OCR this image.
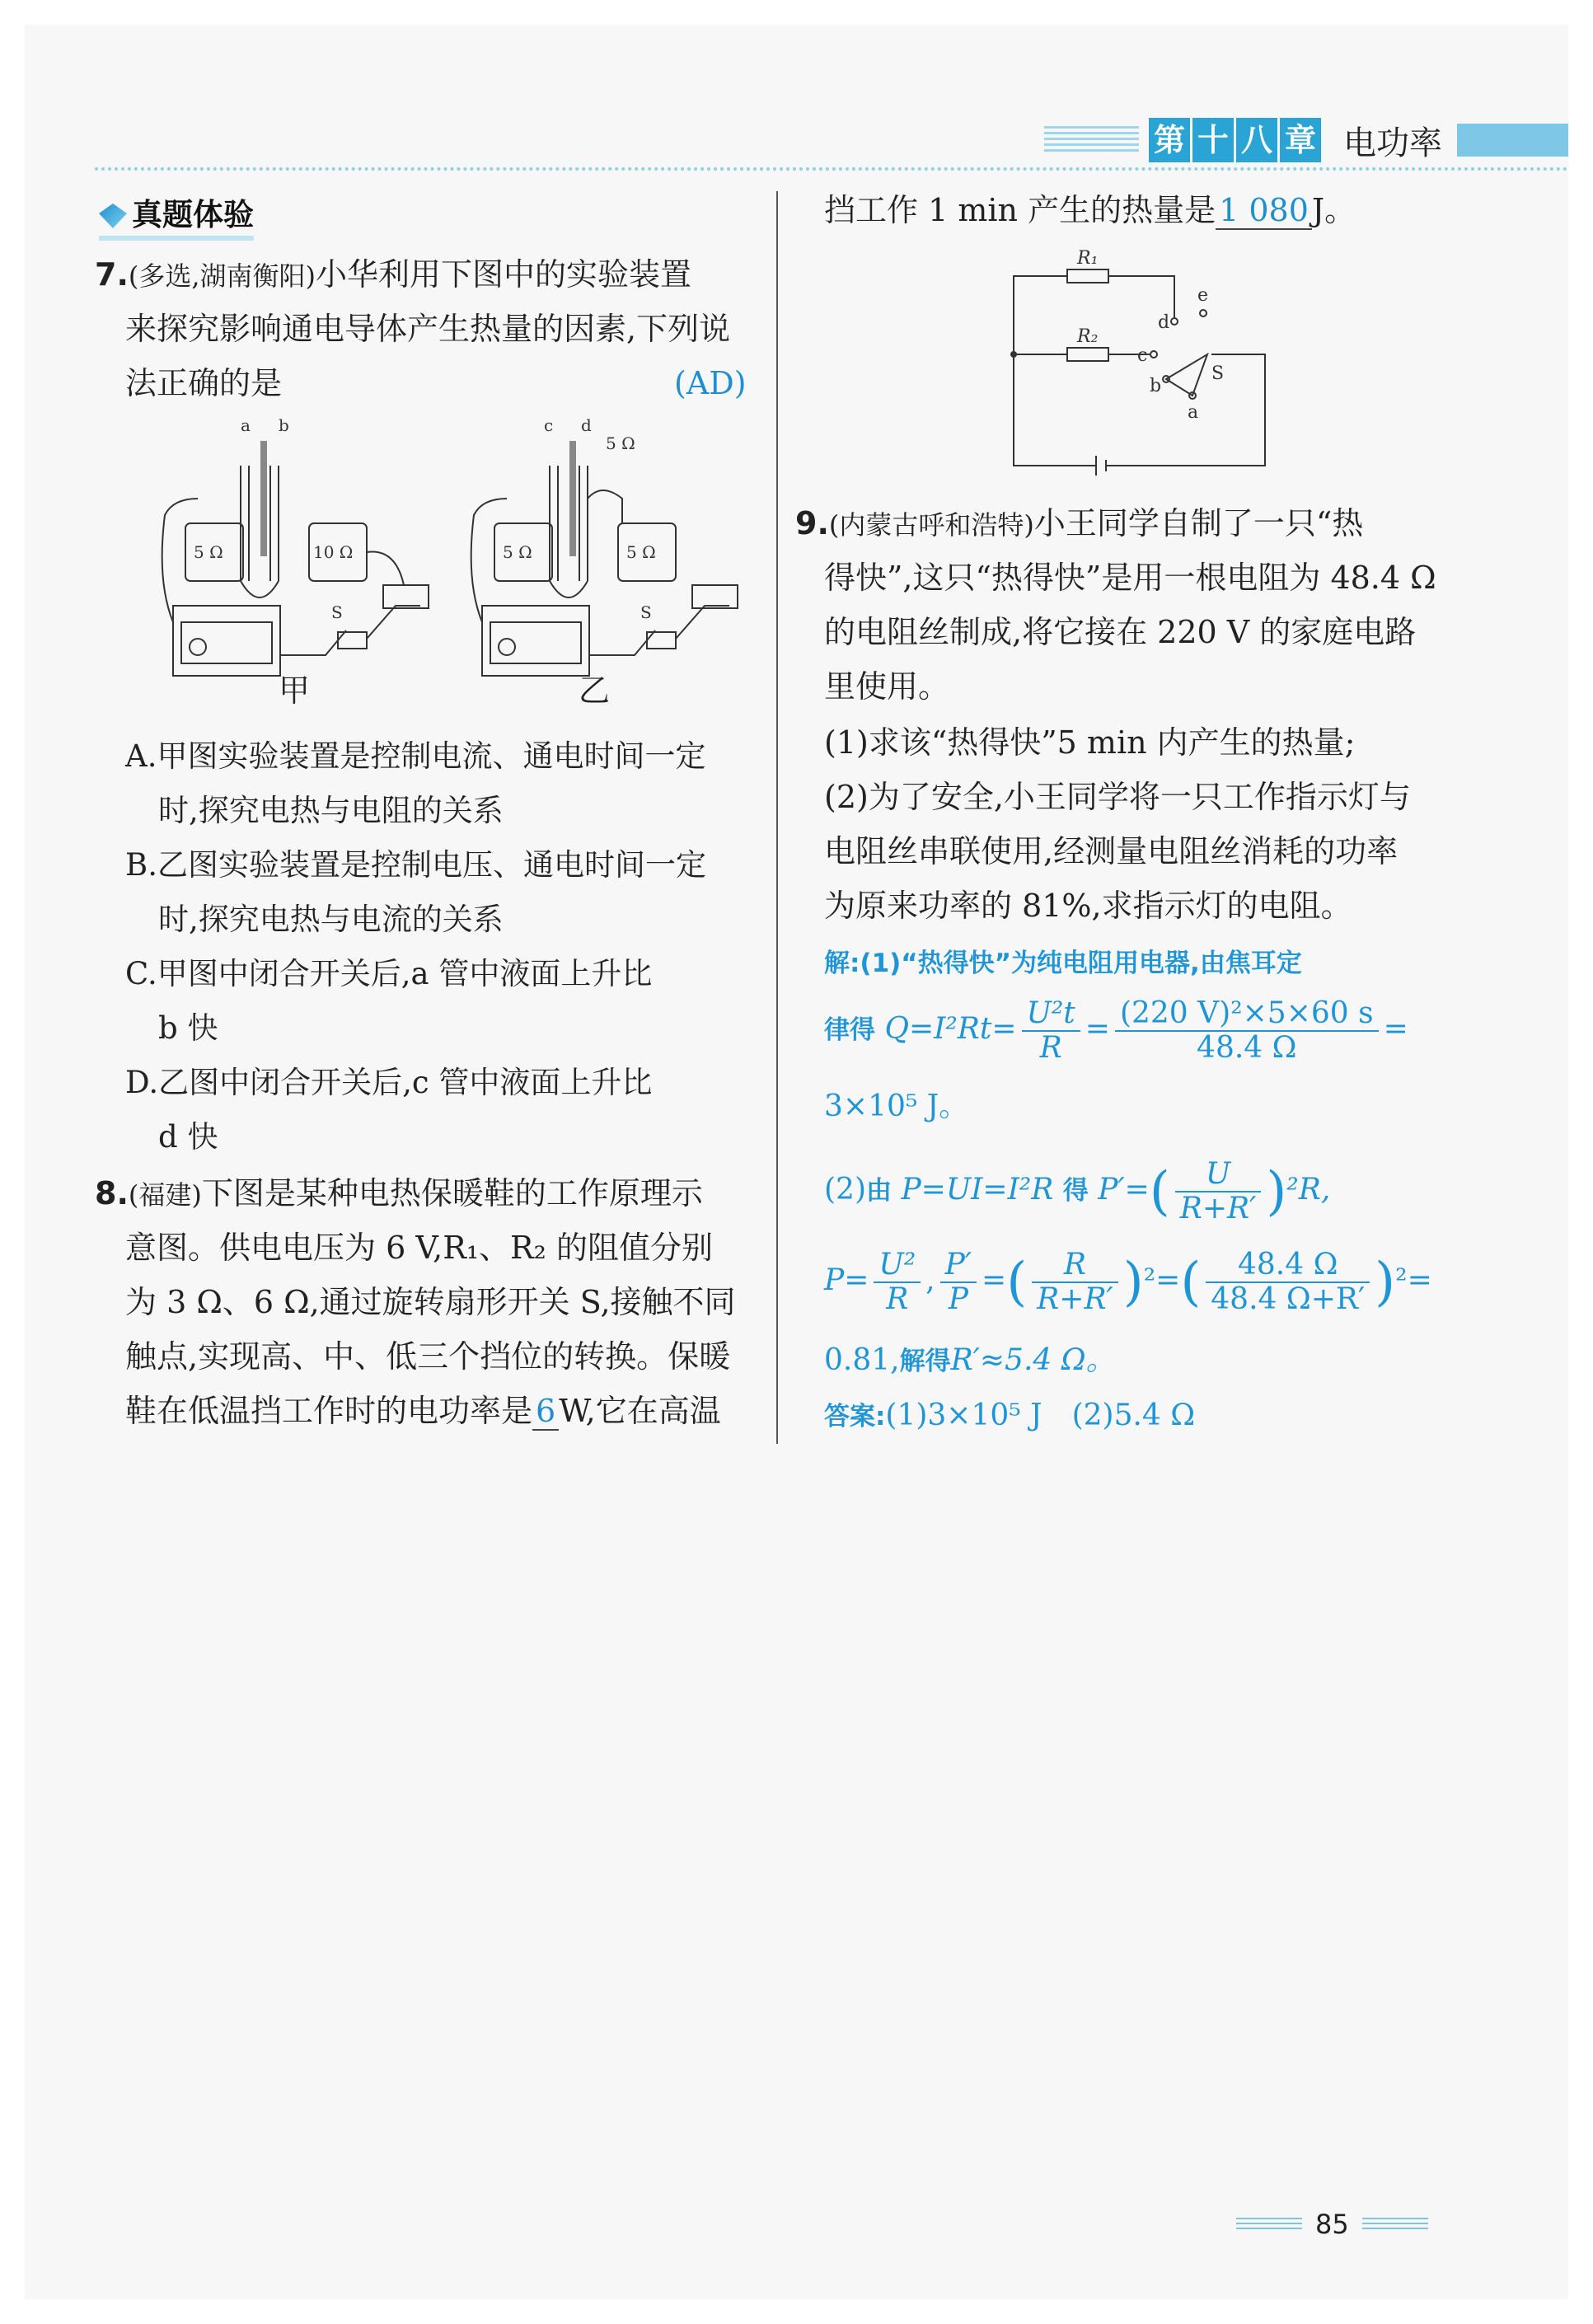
第 十 八 章 电功率
真题体验
7.(多选,湖南衡阳)小华利用下图中的实验装置
来探究影响通电导体产生热量的因素,下列说
法正确的是	(AD)
a b
5 Ω	10 Ω
S
c d
5 Ω
5 Ω	5 Ω
S
甲	乙
A.甲图实验装置是控制电流、通电时间一定
时,探究电热与电阻的关系
B.乙图实验装置是控制电压、通电时间一定
时,探究电热与电流的关系
C.甲图中闭合开关后,a 管中液面上升比
b 快
D.乙图中闭合开关后,c 管中液面上升比
d 快
8.(福建)下图是某种电热保暖鞋的工作原理示
意图。供电电压为 6 V,R₁、R₂ 的阻值分别
为 3 Ω、6 Ω,通过旋转扇形开关 S,接触不同
触点,实现高、中、低三个挡位的转换。保暖
鞋在低温挡工作时的电功率是 6 W,它在高温
挡工作 1 min 产生的热量是 1 080 J。
R₁
R₂
d
e
c
b
a
S
9.(内蒙古呼和浩特)小王同学自制了一只“热
得快”,这只“热得快”是用一根电阻为 48.4 Ω
的电阻丝制成,将它接在 220 V 的家庭电路
里使用。
(1)求该“热得快”5 min 内产生的热量;
(2)为了安全,小王同学将一只工作指示灯与
电阻丝串联使用,经测量电阻丝消耗的功率
为原来功率的 81%,求指示灯的电阻。
解:(1)“热得快”为纯电阻用电器,由焦耳定
律得 $Q=I^2Rt= \frac{\text{U²t}}{R} = \frac{\text{(220 V)²×5×60 s}}{48.4 \Omega}$ =
3×10⁵ J。
(2)由 P=UI=I²R 得 $P'=( \frac{U}{R+R'} )^2R$,
$P= \frac{\text{U²}}{R}$ , $\frac{P'}{P}$ =( $\frac{R}{R+R'} )^2=( \frac{48.4 \Omega}{48.4 \Omega+R'} )^2=$
0.81,解得R′≈5.4 Ω。
答案:(1)3×10⁵ J　(2)5.4 Ω
85
